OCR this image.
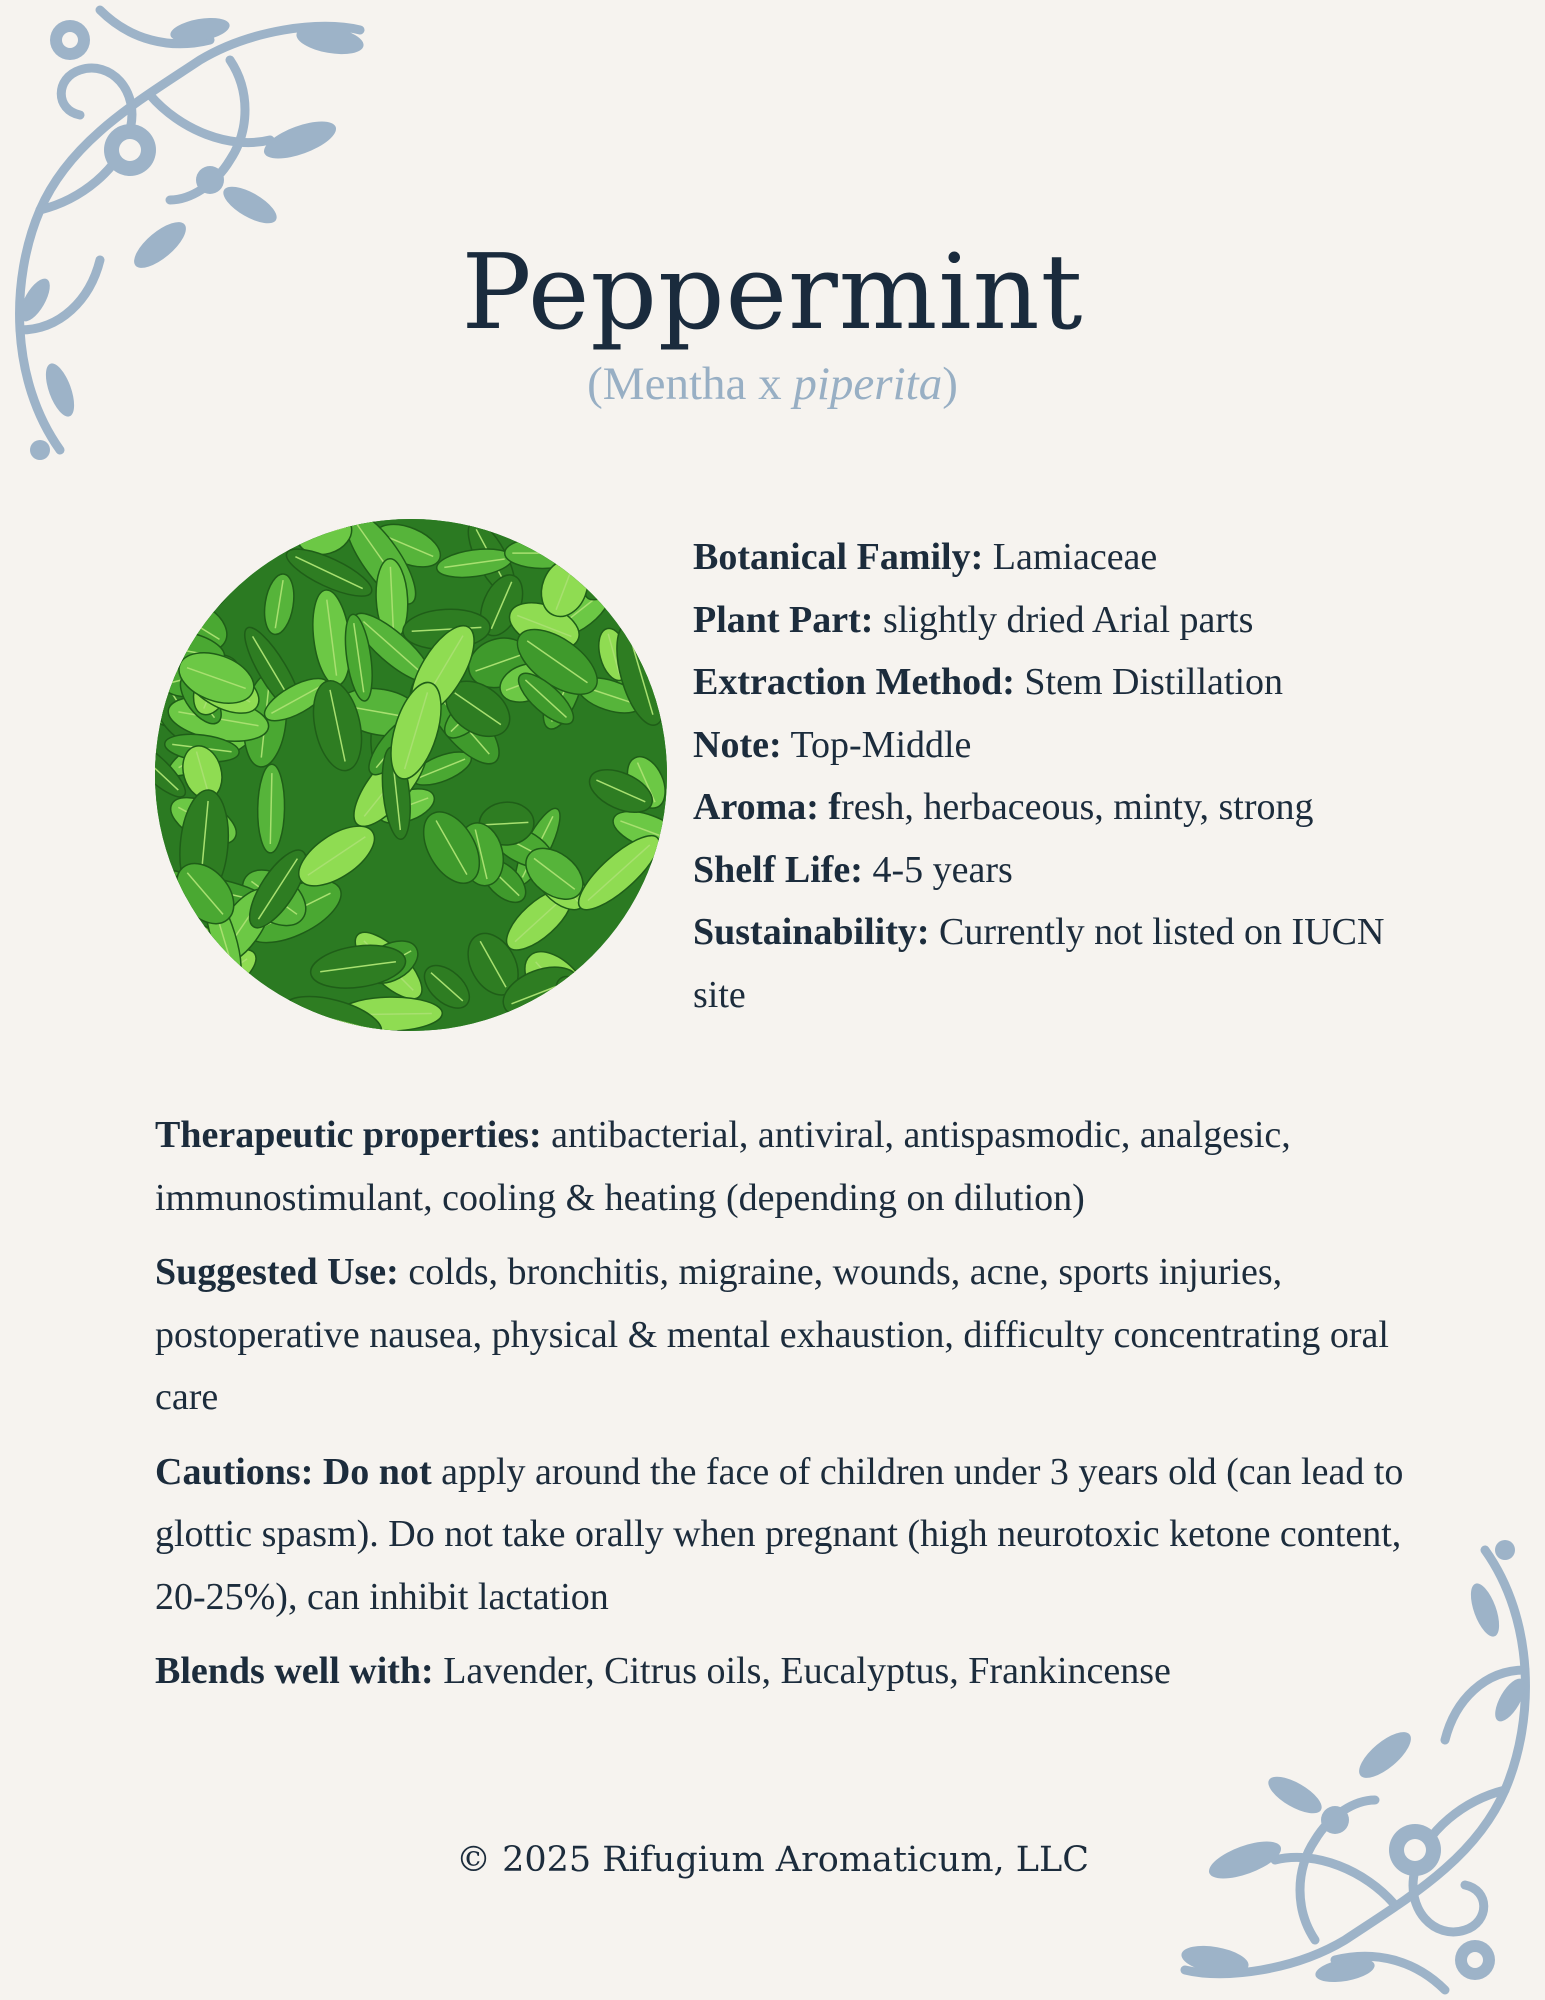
Peppermint
(Mentha x piperita)
Botanical Family: Lamiaceae
Plant Part: slightly dried Arial parts
Extraction Method: Stem Distillation
Note: Top-Middle
Aroma: fresh, herbaceous, minty, strong
Shelf Life: 4-5 years
Sustainability: Currently not listed on IUCN site

Therapeutic properties: antibacterial, antiviral, antispasmodic, analgesic, immunostimulant, cooling & heating (depending on dilution)

Suggested Use: colds, bronchitis, migraine, wounds, acne, sports injuries, postoperative nausea, physical & mental exhaustion, difficulty concentrating oral care

Cautions: Do not apply around the face of children under 3 years old (can lead to glottic spasm). Do not take orally when pregnant (high neurotoxic ketone content, 20-25%), can inhibit lactation

Blends well with: Lavender, Citrus oils, Eucalyptus, Frankincense

© 2025 Rifugium Aromaticum, LLC
